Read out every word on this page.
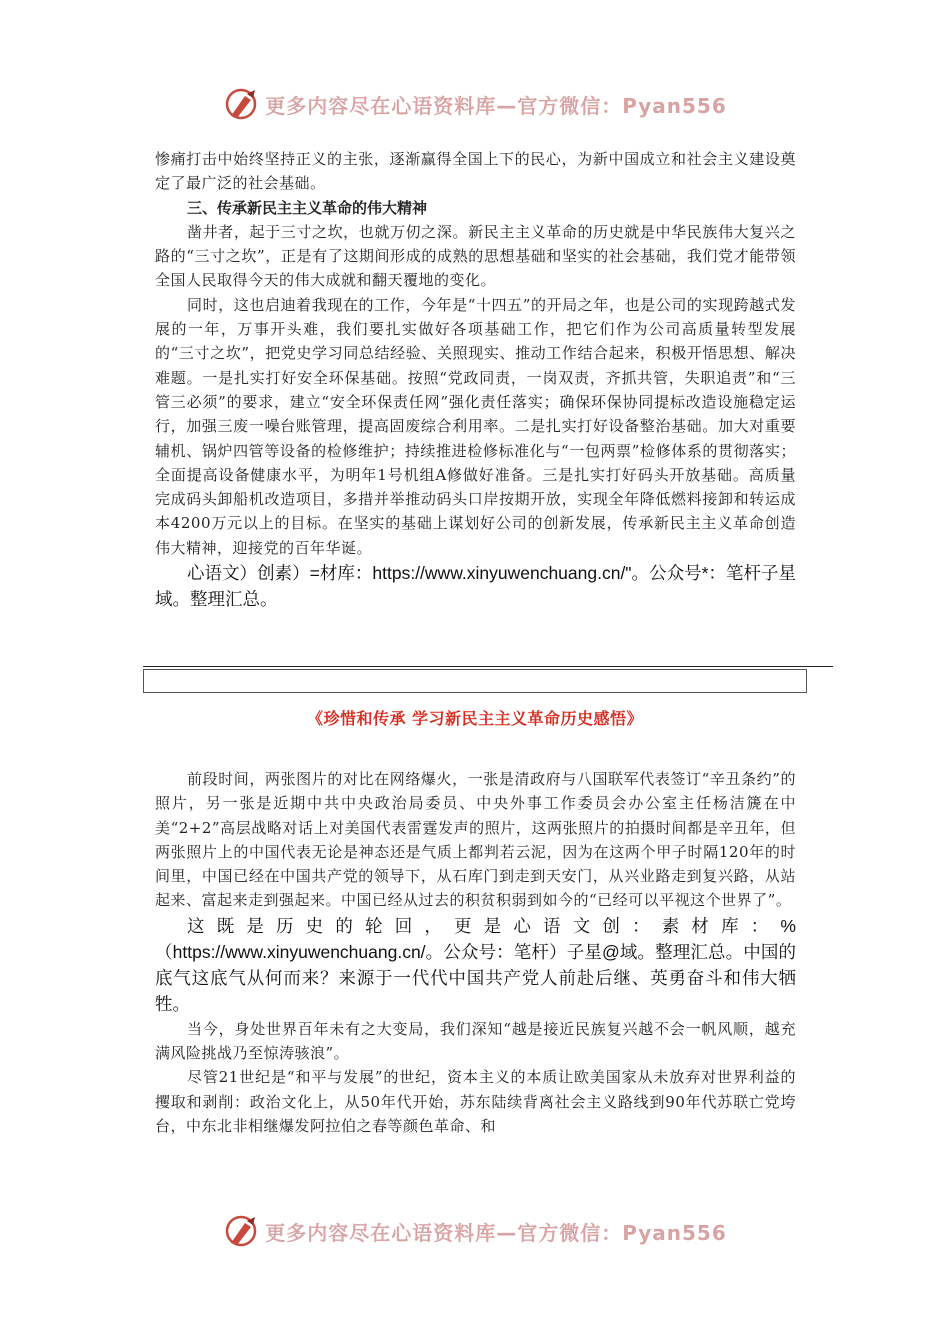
更多内容尽在心语资料库—官方微信：Pyan556

惨痛打击中始终坚持正义的主张，逐渐赢得全国上下的民心，为新中国成立和社会主义建设奠定了最广泛的社会基础。

三、传承新民主主义革命的伟大精神

凿井者，起于三寸之坎，也就万仞之深。新民主主义革命的历史就是中华民族伟大复兴之路的“三寸之坎”，正是有了这期间形成的成熟的思想基础和坚实的社会基础，我们党才能带领全国人民取得今天的伟大成就和翻天覆地的变化。

同时，这也启迪着我现在的工作，今年是“十四五”的开局之年，也是公司的实现跨越式发展的一年，万事开头难，我们要扎实做好各项基础工作，把它们作为公司高质量转型发展的“三寸之坎”，把党史学习同总结经验、关照现实、推动工作结合起来，积极开悟思想、解决难题。一是扎实打好安全环保基础。按照“党政同责，一岗双责，齐抓共管，失职追责”和“三管三必须”的要求，建立“安全环保责任网”强化责任落实；确保环保协同提标改造设施稳定运行，加强三废一噪台账管理，提高固废综合利用率。二是扎实打好设备整治基础。加大对重要辅机、锅炉四管等设备的检修维护；持续推进检修标准化与“一包两票”检修体系的贯彻落实；全面提高设备健康水平，为明年1号机组A修做好准备。三是扎实打好码头开放基础。高质量完成码头卸船机改造项目，多措并举推动码头口岸按期开放，实现全年降低燃料接卸和转运成本4200万元以上的目标。在坚实的基础上谋划好公司的创新发展，传承新民主主义革命创造伟大精神，迎接党的百年华诞。

心语文）创素）=材库：https://www.xinyuwenchuang.cn/"。公众号*：笔杆子星域。整理汇总。

《珍惜和传承 学习新民主主义革命历史感悟》

前段时间，两张图片的对比在网络爆火，一张是清政府与八国联军代表签订“辛丑条约”的照片，另一张是近期中共中央政治局委员、中央外事工作委员会办公室主任杨洁篪在中美“2+2”高层战略对话上对美国代表雷霆发声的照片，这两张照片的拍摄时间都是辛丑年，但两张照片上的中国代表无论是神态还是气质上都判若云泥，因为在这两个甲子时隔120年的时间里，中国已经在中国共产党的领导下，从石库门到走到天安门，从兴业路走到复兴路，从站起来、富起来走到强起来。中国已经从过去的积贫积弱到如今的“已经可以平视这个世界了”。

这既是历史的轮回，更是心语文创：素材库：%（https://www.xinyuwenchuang.cn/。公众号：笔杆）子星@域。整理汇总。中国的底气这底气从何而来？来源于一代代中国共产党人前赴后继、英勇奋斗和伟大牺牲。

当今，身处世界百年未有之大变局，我们深知“越是接近民族复兴越不会一帆风顺，越充满风险挑战乃至惊涛骇浪”。

尽管21世纪是“和平与发展”的世纪，资本主义的本质让欧美国家从未放弃对世界利益的攫取和剥削：政治文化上，从50年代开始，苏东陆续背离社会主义路线到90年代苏联亡党垮台，中东北非相继爆发阿拉伯之春等颜色革命、和

更多内容尽在心语资料库—官方微信：Pyan556
